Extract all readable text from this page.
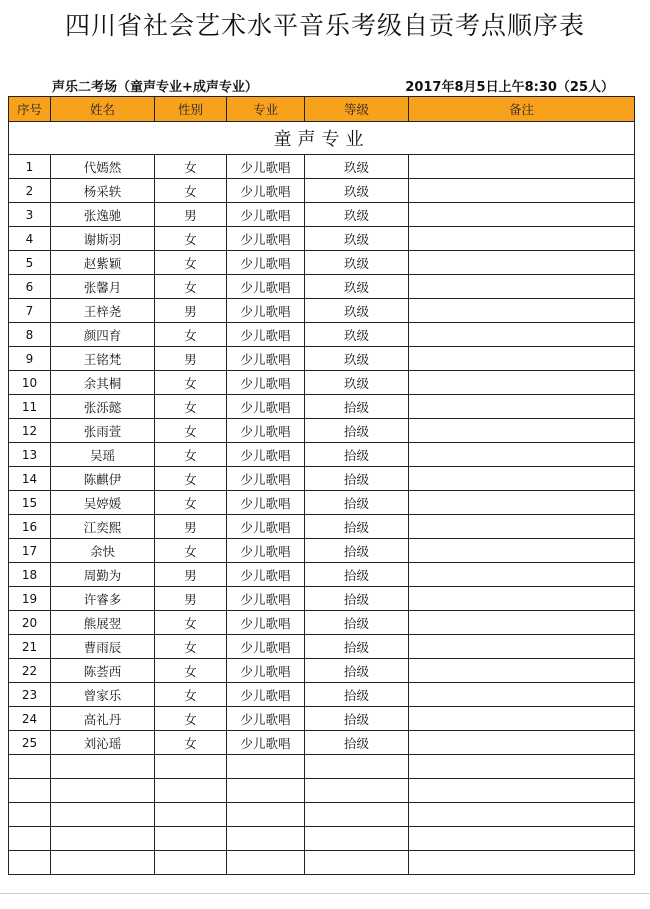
四川省社会艺术水平音乐考级自贡考点顺序表
声乐二考场（童声专业+成声专业）	2017年8月5日上午8:30（25人）
序号	姓名	性别	专业	等级	备注
童声专业					
1	代嫣然	女	少儿歌唱	玖级	
2	杨采轶	女	少儿歌唱	玖级	
3	张逸驰	男	少儿歌唱	玖级	
4	谢斯羽	女	少儿歌唱	玖级	
5	赵紫颖	女	少儿歌唱	玖级	
6	张馨月	女	少儿歌唱	玖级	
7	王梓尧	男	少儿歌唱	玖级	
8	颜四育	女	少儿歌唱	玖级	
9	王铭梵	男	少儿歌唱	玖级	
10	余其桐	女	少儿歌唱	玖级	
11	张泺懿	女	少儿歌唱	拾级	
12	张雨萱	女	少儿歌唱	拾级	
13	吴瑶	女	少儿歌唱	拾级	
14	陈麒伊	女	少儿歌唱	拾级	
15	吴婷媛	女	少儿歌唱	拾级	
16	江奕熙	男	少儿歌唱	拾级	
17	余快	女	少儿歌唱	拾级	
18	周勤为	男	少儿歌唱	拾级	
19	许睿多	男	少儿歌唱	拾级	
20	熊展翌	女	少儿歌唱	拾级	
21	曹雨辰	女	少儿歌唱	拾级	
22	陈荟西	女	少儿歌唱	拾级	
23	曾家乐	女	少儿歌唱	拾级	
24	高礼丹	女	少儿歌唱	拾级	
25	刘沁瑶	女	少儿歌唱	拾级	
